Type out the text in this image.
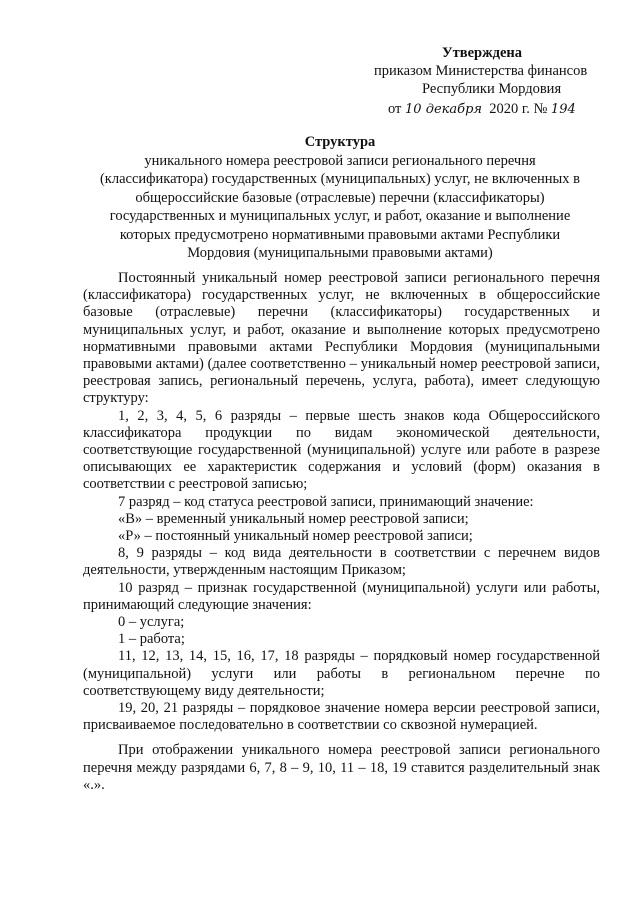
Утверждена
приказом Министерства финансов
Республики Мордовия
от 10 декабря 2020 г. № 194
Структура
уникального номера реестровой записи регионального перечня
(классификатора) государственных (муниципальных) услуг, не включенных в
общероссийские базовые (отраслевые) перечни (классификаторы)
государственных и муниципальных услуг, и работ, оказание и выполнение
которых предусмотрено нормативными правовыми актами Республики
Мордовия (муниципальными правовыми актами)

Постоянный уникальный номер реестровой записи регионального перечня (классификатора) государственных услуг, не включенных в общероссийские базовые (отраслевые) перечни (классификаторы) государственных и муниципальных услуг, и работ, оказание и выполнение которых предусмотрено нормативными правовыми актами Республики Мордовия (муниципальными правовыми актами) (далее соответственно – уникальный номер реестровой записи, реестровая запись, региональный перечень, услуга, работа), имеет следующую структуру:

1, 2, 3, 4, 5, 6 разряды – первые шесть знаков кода Общероссийского классификатора продукции по видам экономической деятельности, соответствующие государственной (муниципальной) услуге или работе в разрезе описывающих ее характеристик содержания и условий (форм) оказания в соответствии с реестровой записью;

7 разряд – код статуса реестровой записи, принимающий значение:

«В» – временный уникальный номер реестровой записи;

«Р» – постоянный уникальный номер реестровой записи;

8, 9 разряды – код вида деятельности в соответствии с перечнем видов деятельности, утвержденным настоящим Приказом;

10 разряд – признак государственной (муниципальной) услуги или работы, принимающий следующие значения:

0 – услуга;

1 – работа;

11, 12, 13, 14, 15, 16, 17, 18 разряды – порядковый номер государственной (муниципальной) услуги или работы в региональном перечне по соответствующему виду деятельности;

19, 20, 21 разряды – порядковое значение номера версии реестровой записи, присваиваемое последовательно в соответствии со сквозной нумерацией.

При отображении уникального номера реестровой записи регионального перечня между разрядами 6, 7, 8 – 9, 10, 11 – 18, 19 ставится разделительный знак «.».
